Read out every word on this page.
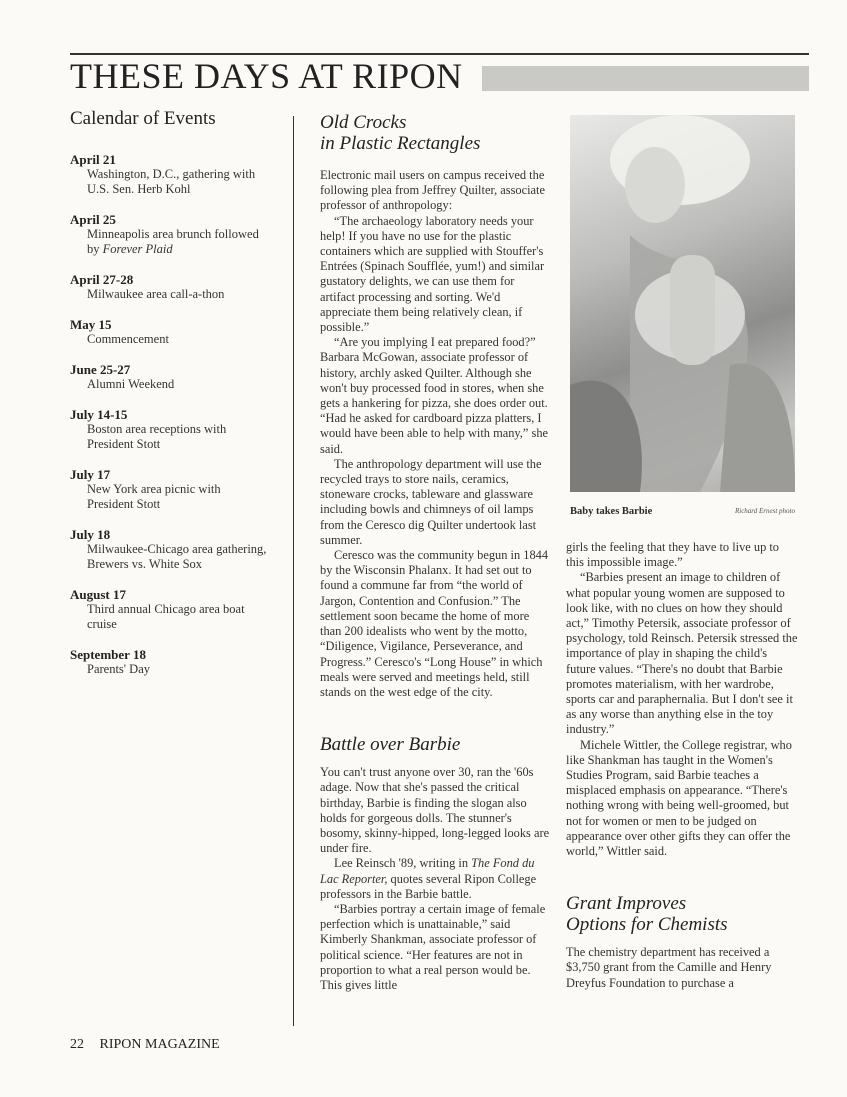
THESE DAYS AT RIPON
Calendar of Events
April 21
Washington, D.C., gathering with U.S. Sen. Herb Kohl
April 25
Minneapolis area brunch followed by Forever Plaid
April 27-28
Milwaukee area call-a-thon
May 15
Commencement
June 25-27
Alumni Weekend
July 14-15
Boston area receptions with President Stott
July 17
New York area picnic with President Stott
July 18
Milwaukee-Chicago area gathering, Brewers vs. White Sox
August 17
Third annual Chicago area boat cruise
September 18
Parents' Day
Old Crocks
in Plastic Rectangles

Electronic mail users on campus received the following plea from Jeffrey Quilter, associate professor of anthropology:

“The archaeology laboratory needs your help! If you have no use for the plastic containers which are supplied with Stouffer's Entrées (Spinach Soufflée, yum!) and similar gustatory delights, we can use them for artifact processing and sorting. We'd appreciate them being relatively clean, if possible.”

“Are you implying I eat prepared food?” Barbara McGowan, associate professor of history, archly asked Quilter. Although she won't buy processed food in stores, when she gets a hankering for pizza, she does order out. “Had he asked for cardboard pizza platters, I would have been able to help with many,” she said.

The anthropology department will use the recycled trays to store nails, ceramics, stoneware crocks, tableware and glassware including bowls and chimneys of oil lamps from the Ceresco dig Quilter undertook last summer.

Ceresco was the community begun in 1844 by the Wisconsin Phalanx. It had set out to found a commune far from “the world of Jargon, Contention and Confusion.” The settlement soon became the home of more than 200 idealists who went by the motto, “Diligence, Vigilance, Perseverance, and Progress.” Ceresco's “Long House” in which meals were served and meetings held, still stands on the west edge of the city.

Battle over Barbie

You can't trust anyone over 30, ran the '60s adage. Now that she's passed the critical birthday, Barbie is finding the slogan also holds for gorgeous dolls. The stunner's bosomy, skinny-hipped, long-legged looks are under fire.

Lee Reinsch '89, writing in The Fond du Lac Reporter, quotes several Ripon College professors in the Barbie battle.

“Barbies portray a certain image of female perfection which is unattainable,” said Kimberly Shankman, associate professor of political science. “Her features are not in proportion to what a real person would be. This gives little

Baby takes Barbie	Richard Ernest photo

girls the feeling that they have to live up to this impossible image.”

“Barbies present an image to children of what popular young women are supposed to look like, with no clues on how they should act,” Timothy Petersik, associate professor of psychology, told Reinsch. Petersik stressed the importance of play in shaping the child's future values. “There's no doubt that Barbie promotes materialism, with her wardrobe, sports car and paraphernalia. But I don't see it as any worse than anything else in the toy industry.”

Michele Wittler, the College registrar, who like Shankman has taught in the Women's Studies Program, said Barbie teaches a misplaced emphasis on appearance. “There's nothing wrong with being well-groomed, but not for women or men to be judged on appearance over other gifts they can offer the world,” Wittler said.

Grant Improves
Options for Chemists

The chemistry department has received a $3,750 grant from the Camille and Henry Dreyfus Foundation to purchase a

22 RIPON MAGAZINE
